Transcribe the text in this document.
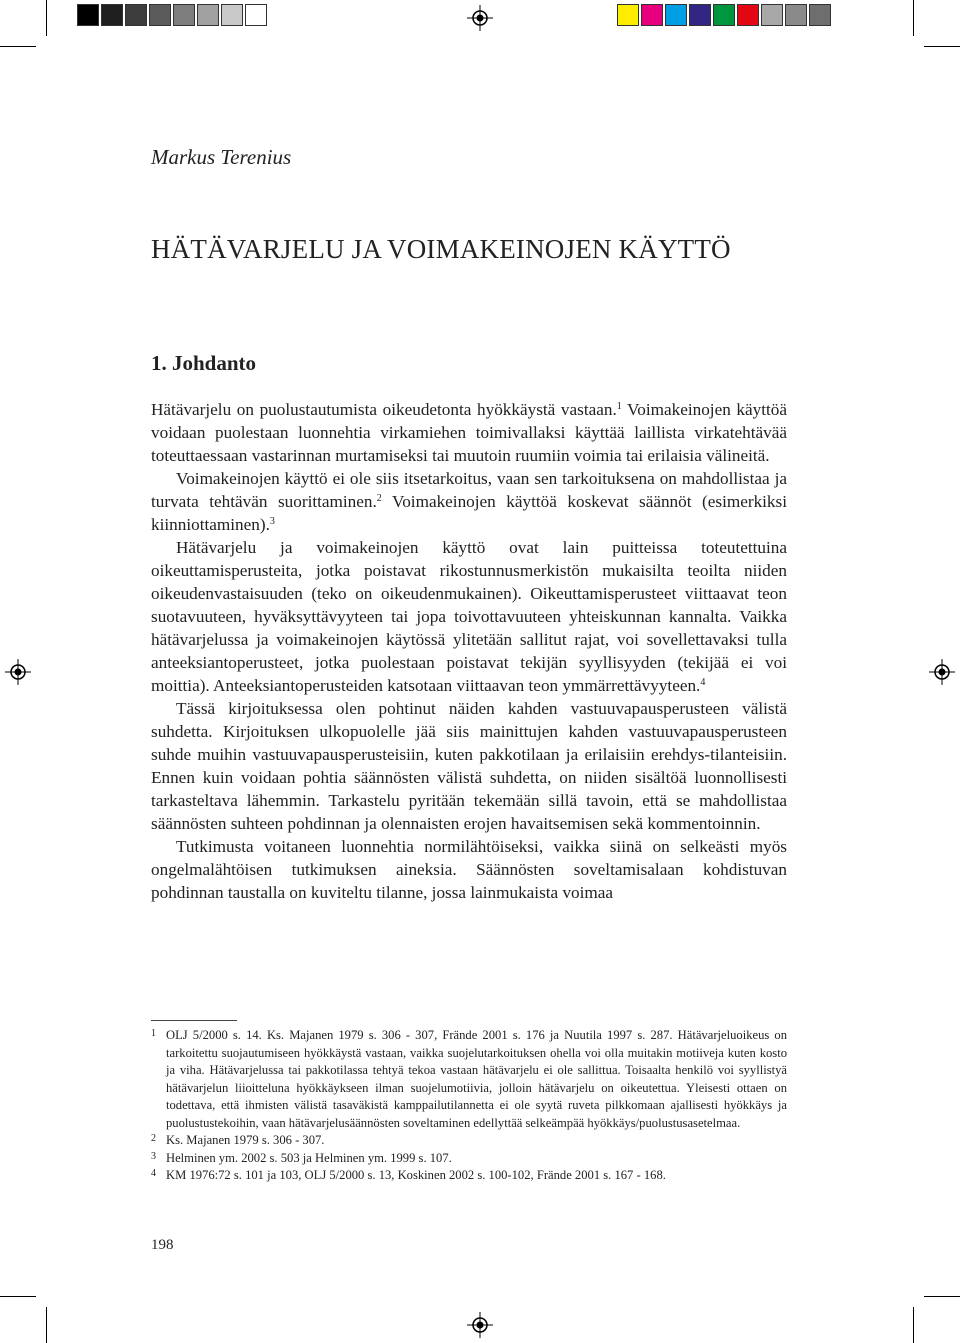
Markus Terenius
HÄTÄVARJELU JA VOIMAKEINOJEN KÄYTTÖ
1. Johdanto

Hätävarjelu on puolustautumista oikeudetonta hyökkäystä vastaan.$^1$ Voimakeinojen käyttöä voidaan puolestaan luonnehtia virkamiehen toimivallaksi käyttää laillista virkatehtävää toteuttaessaan vastarinnan murtamiseksi tai muutoin ruumiin voimia tai erilaisia välineitä.

Voimakeinojen käyttö ei ole siis itsetarkoitus, vaan sen tarkoituksena on mahdollistaa ja turvata tehtävän suorittaminen.$^2$ Voimakeinojen käyttöä koskevat säännöt (esimerkiksi kiinniottaminen).$^3$

Hätävarjelu ja voimakeinojen käyttö ovat lain puitteissa toteutettuina oikeuttamisperusteita, jotka poistavat rikostunnusmerkistön mukaisilta teoilta niiden oikeudenvastaisuuden (teko on oikeudenmukainen). Oikeuttamisperusteet viittaavat teon suotavuuteen, hyväksyttävyyteen tai jopa toivottavuuteen yhteiskunnan kannalta. Vaikka hätävarjelussa ja voimakeinojen käytössä ylitetään sallitut rajat, voi sovellettavaksi tulla anteeksiantoperusteet, jotka puolestaan poistavat tekijän syyllisyyden (tekijää ei voi moittia). Anteeksiantoperusteiden katsotaan viittaavan teon ymmärrettävyyteen.$^4$

Tässä kirjoituksessa olen pohtinut näiden kahden vastuuvapausperusteen välistä suhdetta. Kirjoituksen ulkopuolelle jää siis mainittujen kahden vastuuvapausperusteen suhde muihin vastuuvapausperusteisiin, kuten pakkotilaan ja erilaisiin erehdys-tilanteisiin. Ennen kuin voidaan pohtia säännösten välistä suhdetta, on niiden sisältöä luonnollisesti tarkasteltava lähemmin. Tarkastelu pyritään tekemään sillä tavoin, että se mahdollistaa säännösten suhteen pohdinnan ja olennaisten erojen havaitsemisen sekä kommentoinnin.

Tutkimusta voitaneen luonnehtia normilähtöiseksi, vaikka siinä on selkeästi myös ongelmalähtöisen tutkimuksen aineksia. Säännösten soveltamisalaan kohdistuvan pohdinnan taustalla on kuviteltu tilanne, jossa lainmukaista voimaa

1 OLJ 5/2000 s. 14. Ks. Majanen 1979 s. 306 - 307, Frände 2001 s. 176 ja Nuutila 1997 s. 287. Hätävarjeluoikeus on tarkoitettu suojautumiseen hyökkäystä vastaan, vaikka suojelutarkoituksen ohella voi olla muitakin motiiveja kuten kosto ja viha. Hätävarjelussa tai pakkotilassa tehtyä tekoa vastaan hätävarjelu ei ole sallittua. Toisaalta henkilö voi syyllistyä hätävarjelun liioitteluna hyökkäykseen ilman suojelumotiivia, jolloin hätävarjelu on oikeutettua. Yleisesti ottaen on todettava, että ihmisten välistä tasaväkistä kamppailutilannetta ei ole syytä ruveta pilkkomaan ajallisesti hyökkäys ja puolustustekoihin, vaan hätävarjelusäännösten soveltaminen edellyttää selkeämpää hyökkäys/puolustusasetelmaa.
2 Ks. Majanen 1979 s. 306 - 307.
3 Helminen ym. 2002 s. 503 ja Helminen ym. 1999 s. 107.
4 KM 1976:72 s. 101 ja 103, OLJ 5/2000 s. 13, Koskinen 2002 s. 100-102, Frände 2001 s. 167 - 168.
198
